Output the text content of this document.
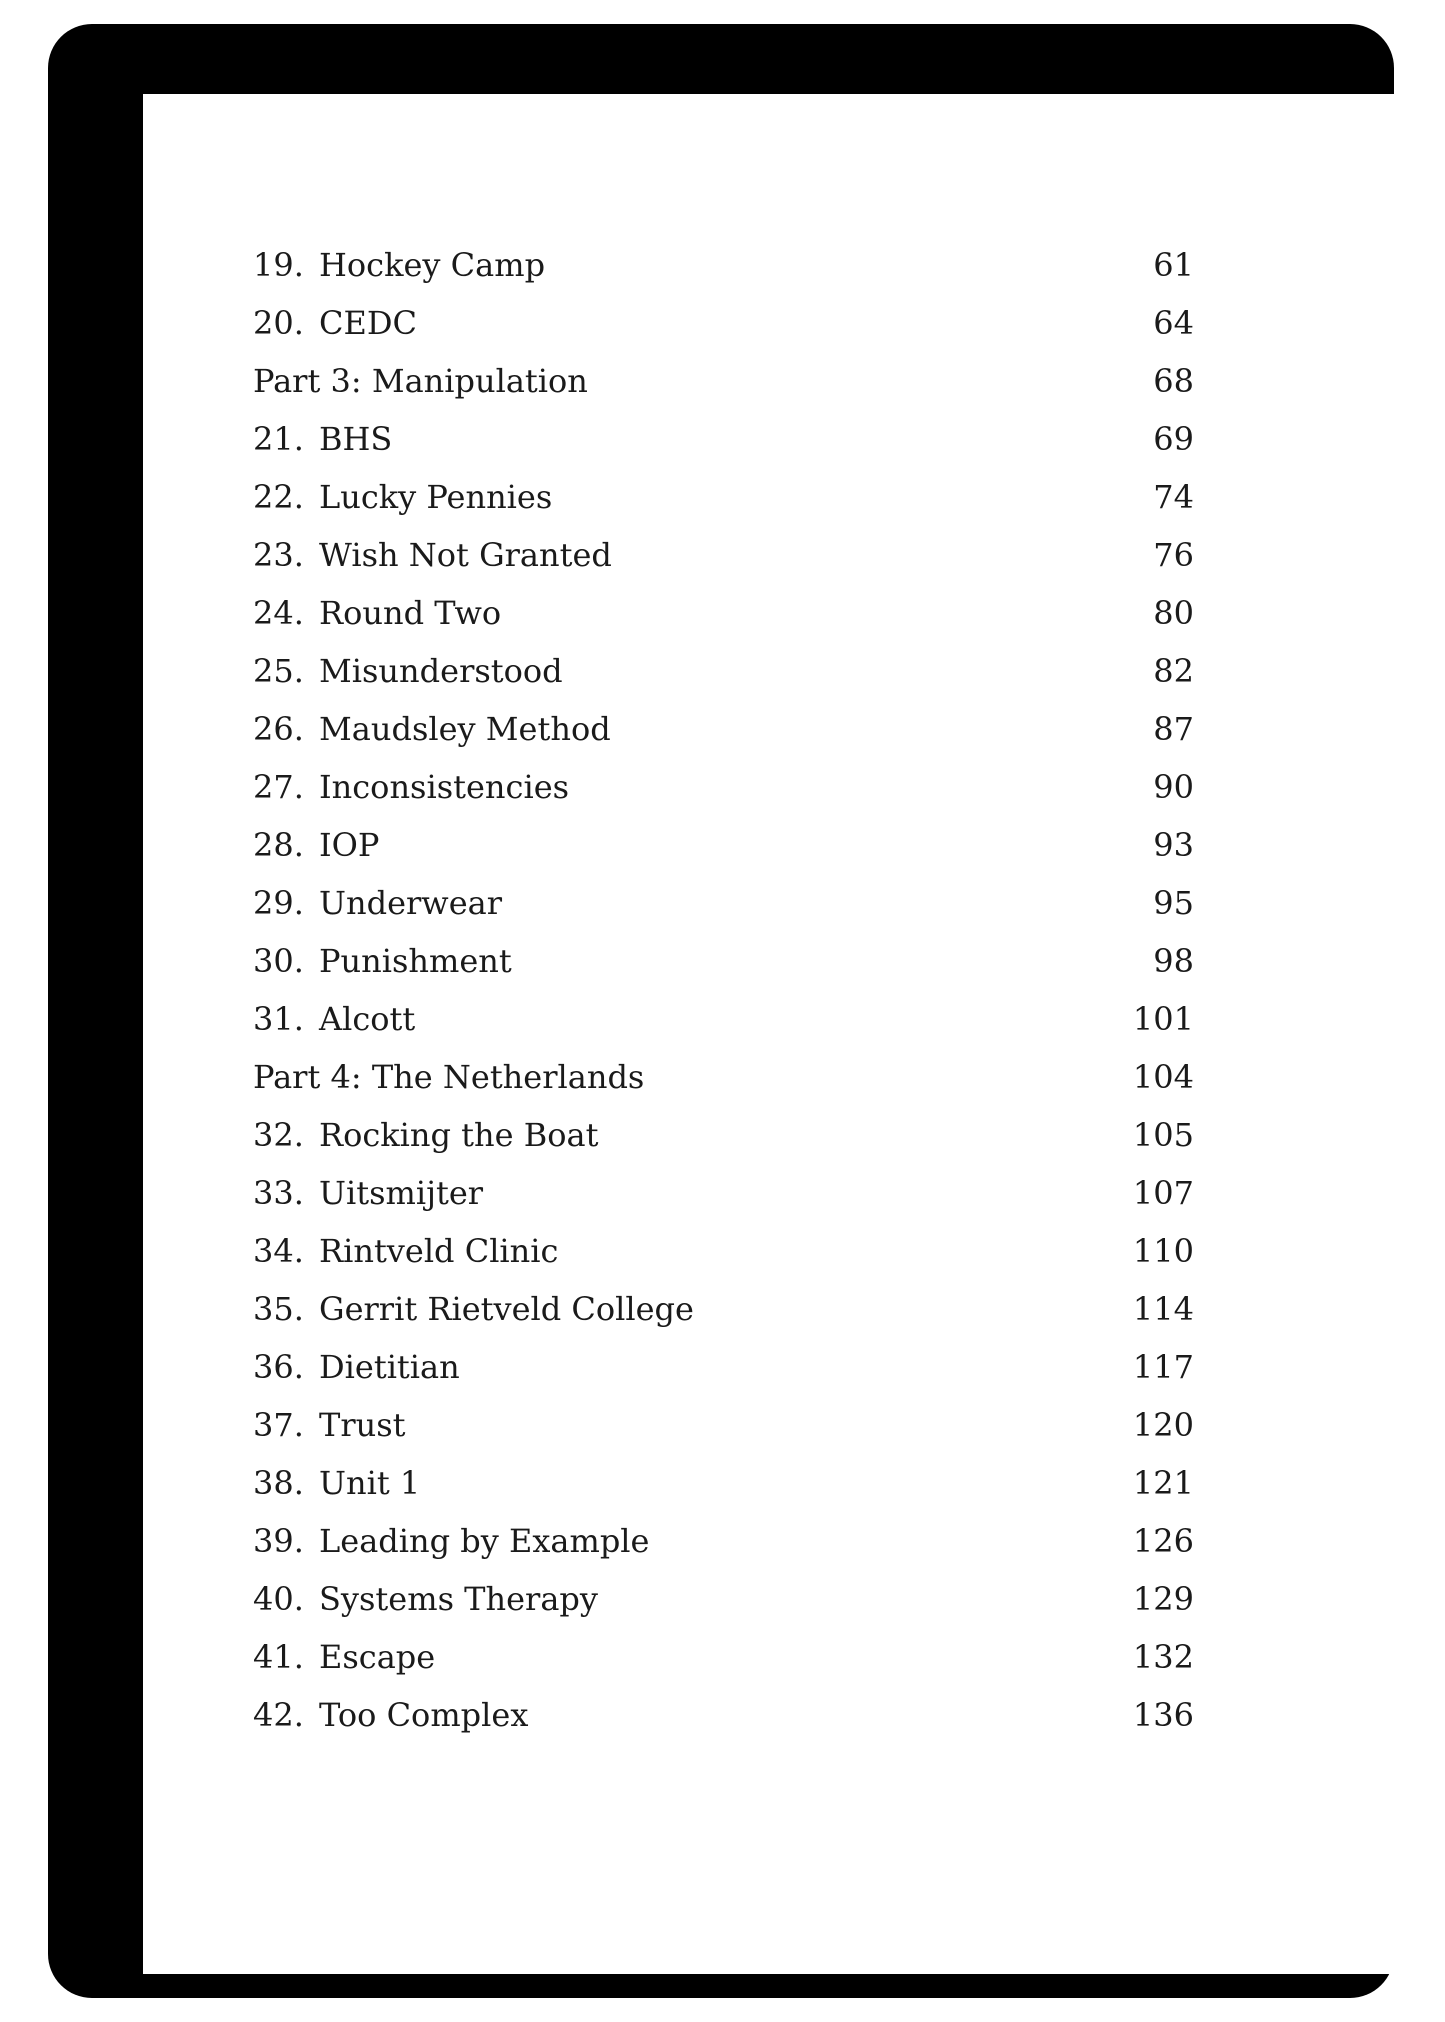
19. Hockey Camp	61
20. CEDC	64
Part 3: Manipulation	68
21. BHS	69
22. Lucky Pennies	74
23. Wish Not Granted	76
24. Round Two	80
25. Misunderstood	82
26. Maudsley Method	87
27. Inconsistencies	90
28. IOP	93
29. Underwear	95
30. Punishment	98
31. Alcott	101
Part 4: The Netherlands	104
32. Rocking the Boat	105
33. Uitsmijter	107
34. Rintveld Clinic	110
35. Gerrit Rietveld College	114
36. Dietitian	117
37. Trust	120
38. Unit 1	121
39. Leading by Example	126
40. Systems Therapy	129
41. Escape	132
42. Too Complex	136
